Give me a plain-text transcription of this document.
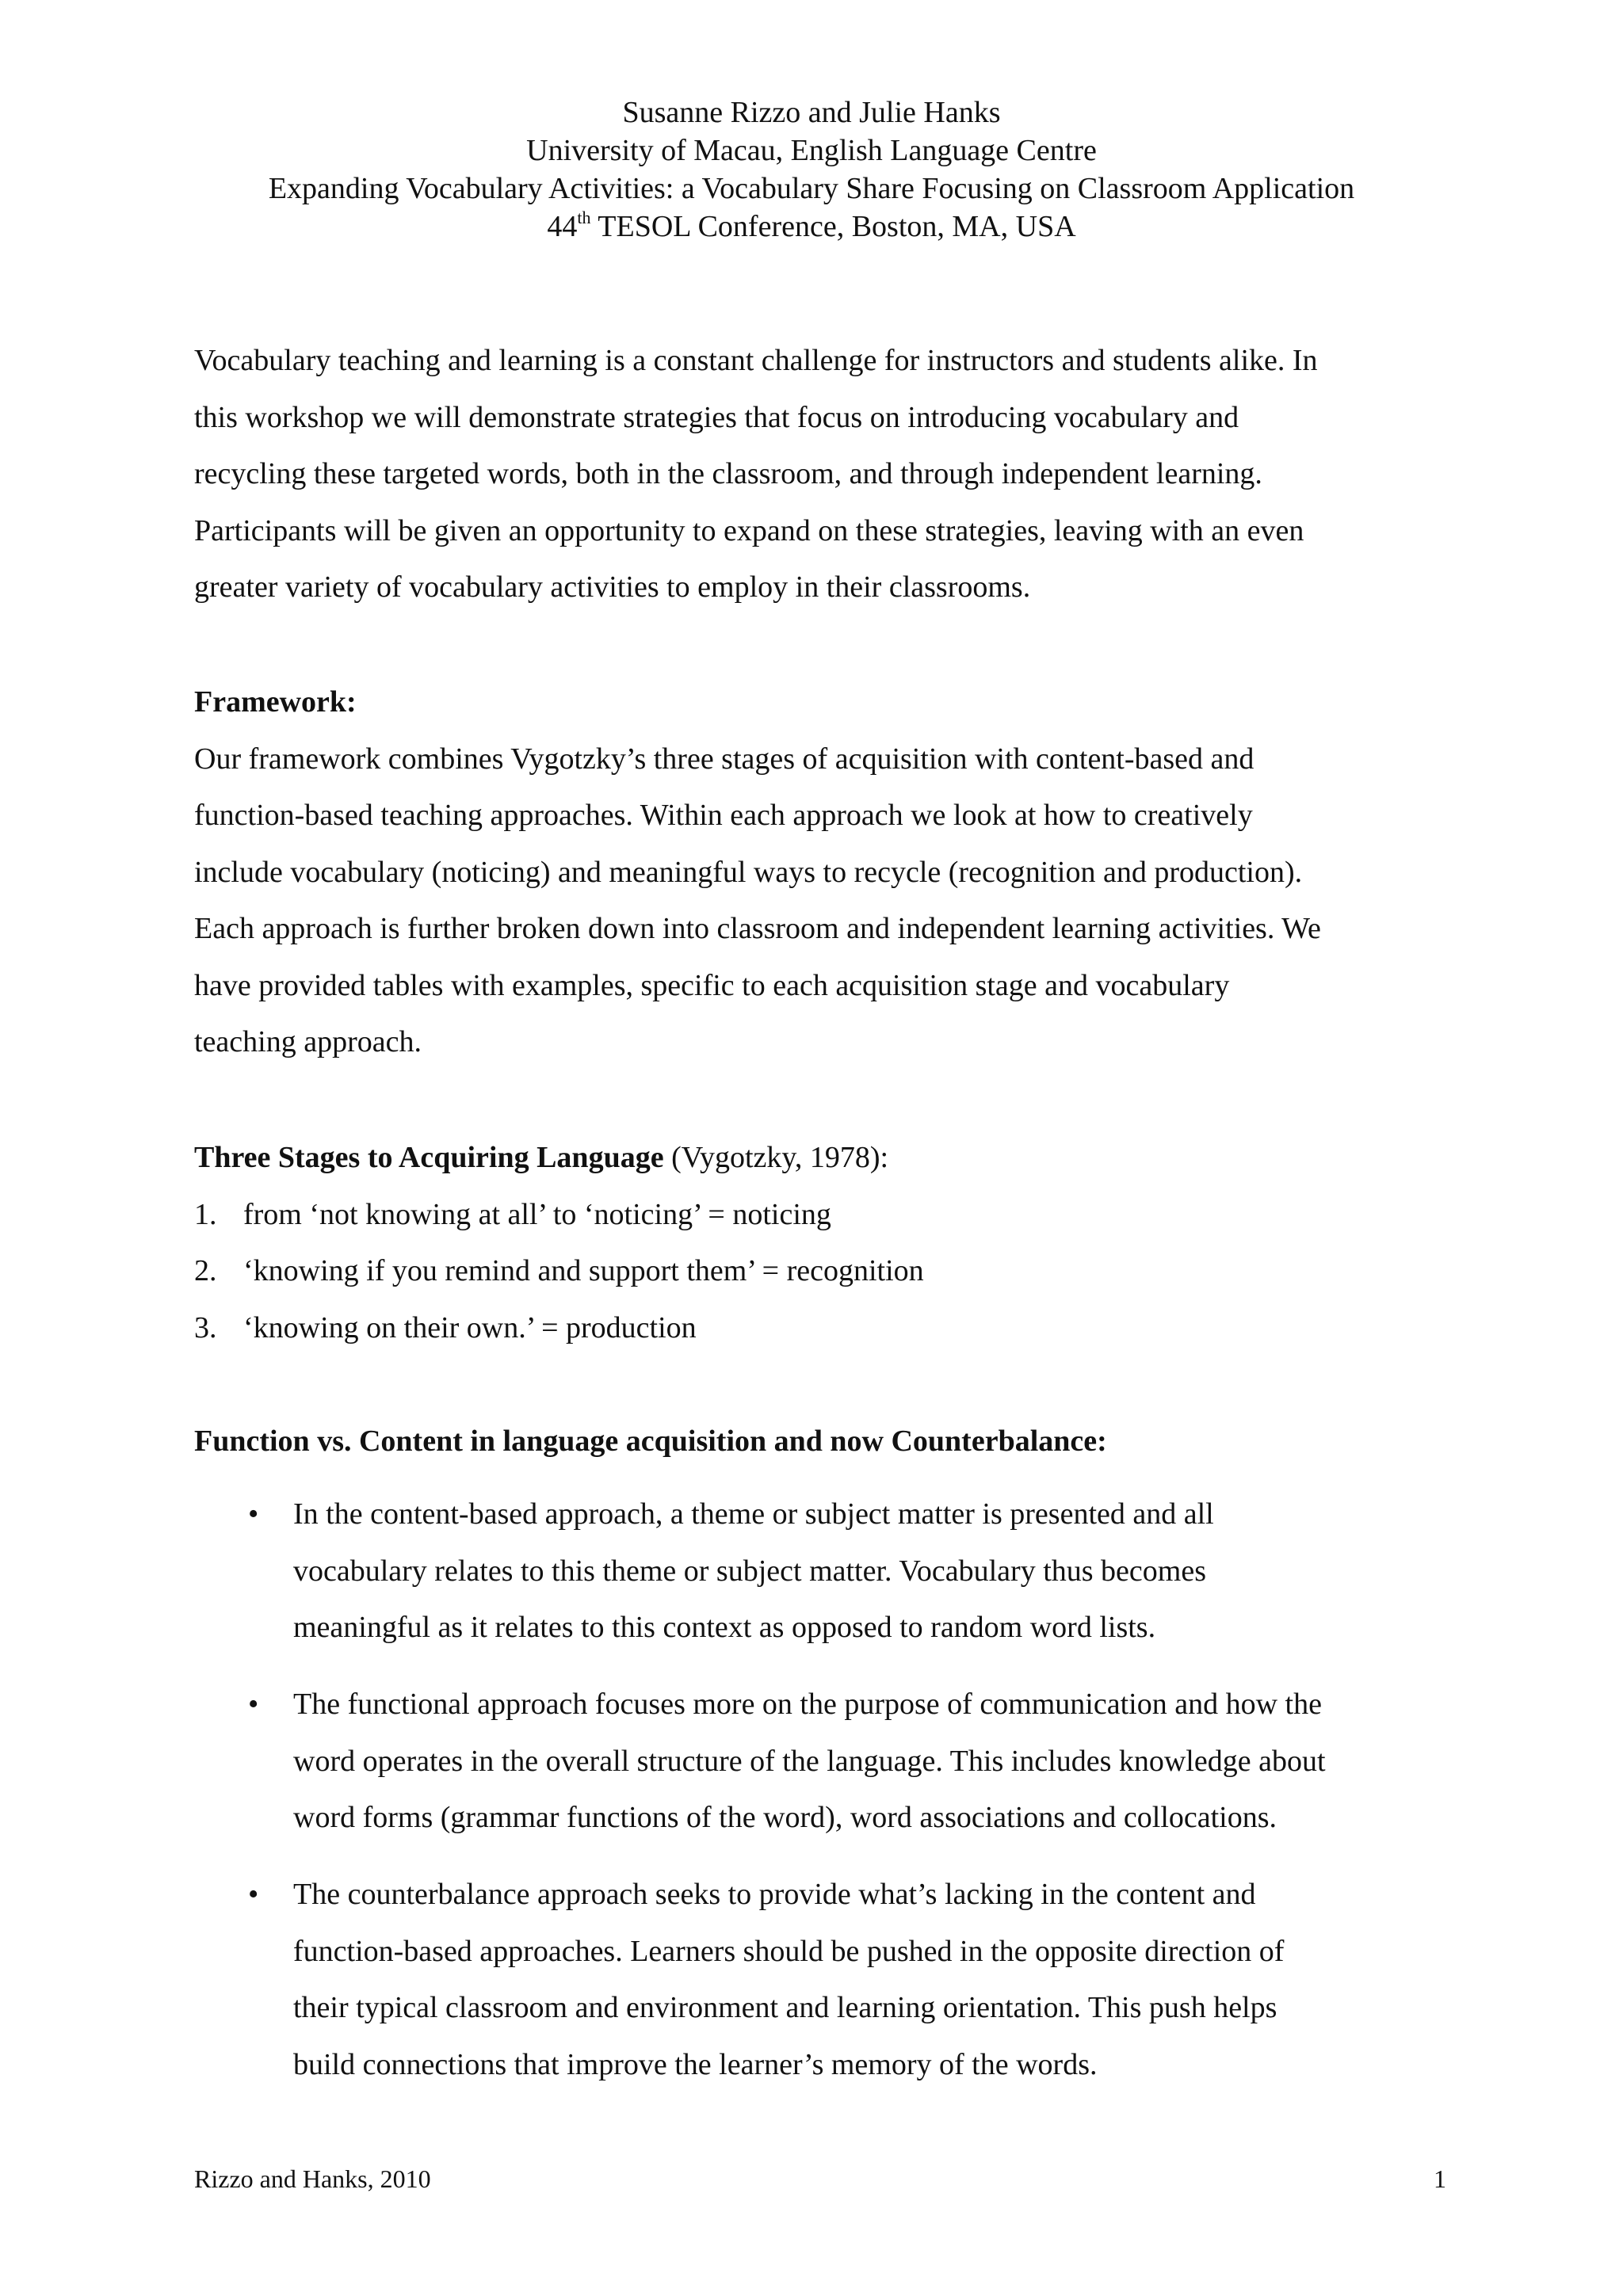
Susanne Rizzo and Julie Hanks
University of Macau, English Language Centre
Expanding Vocabulary Activities: a Vocabulary Share Focusing on Classroom Application
44th TESOL Conference, Boston, MA, USA

Vocabulary teaching and learning is a constant challenge for instructors and students alike. In
this workshop we will demonstrate strategies that focus on introducing vocabulary and
recycling these targeted words, both in the classroom, and through independent learning.
Participants will be given an opportunity to expand on these strategies, leaving with an even
greater variety of vocabulary activities to employ in their classrooms.

Framework:

Our framework combines Vygotzky’s three stages of acquisition with content-based and
function-based teaching approaches. Within each approach we look at how to creatively
include vocabulary (noticing) and meaningful ways to recycle (recognition and production).
Each approach is further broken down into classroom and independent learning activities. We
have provided tables with examples, specific to each acquisition stage and vocabulary
teaching approach.

Three Stages to Acquiring Language (Vygotzky, 1978):
1. from ‘not knowing at all’ to ‘noticing’ = noticing
2. ‘knowing if you remind and support them’ = recognition
3. ‘knowing on their own.’ = production
Function vs. Content in language acquisition and now Counterbalance:
• In the content-based approach, a theme or subject matter is presented and all
vocabulary relates to this theme or subject matter. Vocabulary thus becomes
meaningful as it relates to this context as opposed to random word lists.
• The functional approach focuses more on the purpose of communication and how the
word operates in the overall structure of the language. This includes knowledge about
word forms (grammar functions of the word), word associations and collocations.
• The counterbalance approach seeks to provide what’s lacking in the content and
function-based approaches. Learners should be pushed in the opposite direction of
their typical classroom and environment and learning orientation. This push helps
build connections that improve the learner’s memory of the words.
Rizzo and Hanks, 2010	1
